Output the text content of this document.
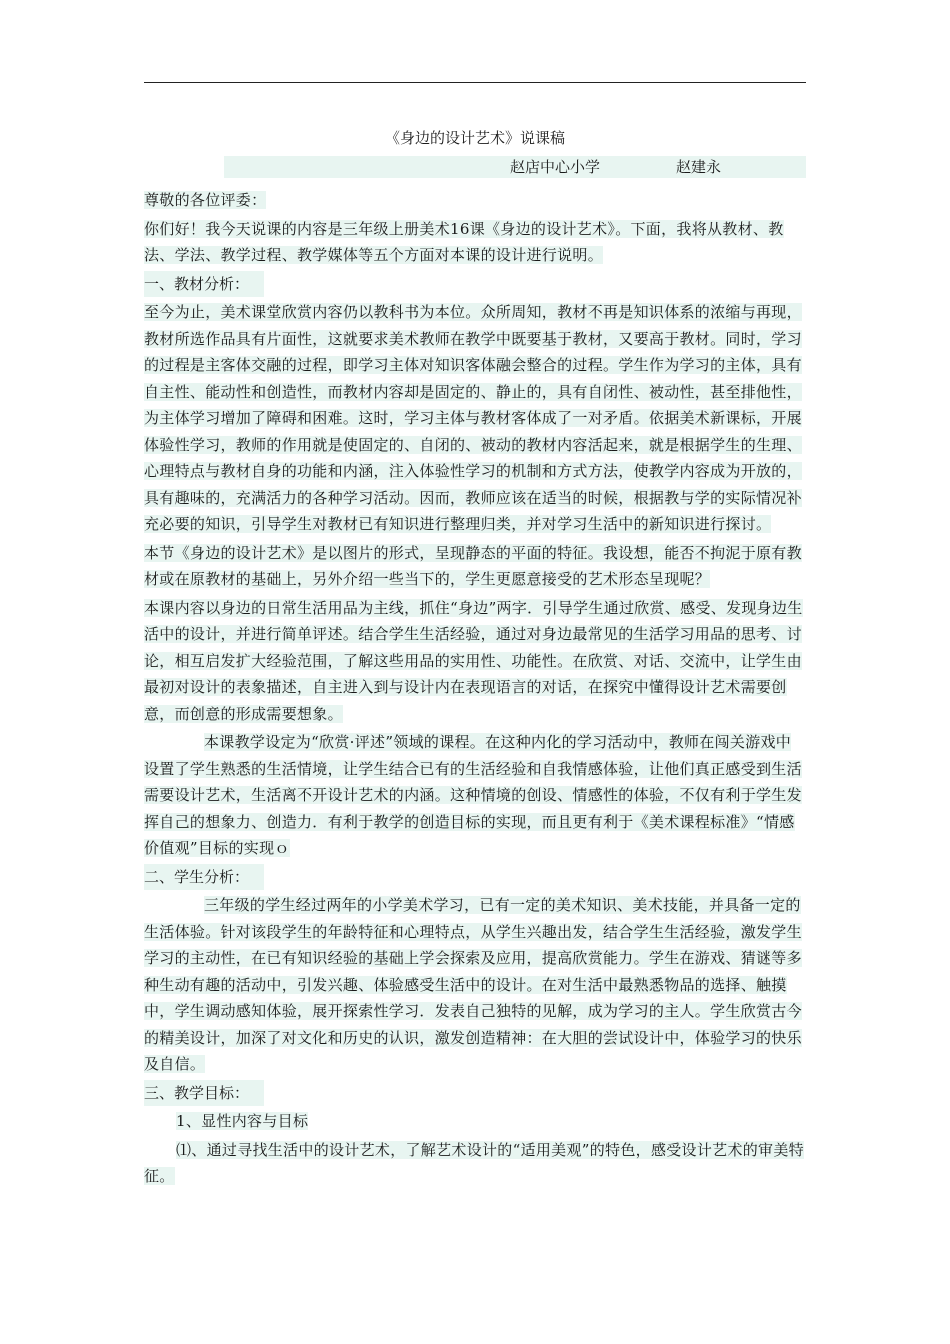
《身边的设计艺术》说课稿
赵店中心小学	赵建永

尊敬的各位评委：

你们好！我今天说课的内容是三年级上册美术16课《身边的设计艺术》。下面，我将从教材、教法、学法、教学过程、教学媒体等五个方面对本课的设计进行说明。

一、教材分析：

至今为止，美术课堂欣赏内容仍以教科书为本位。众所周知，教材不再是知识体系的浓缩与再现，教材所选作品具有片面性，这就要求美术教师在教学中既要基于教材，又要高于教材。同时，学习的过程是主客体交融的过程，即学习主体对知识客体融会整合的过程。学生作为学习的主体，具有自主性、能动性和创造性，而教材内容却是固定的、静止的，具有自闭性、被动性，甚至排他性，为主体学习增加了障碍和困难。这时，学习主体与教材客体成了一对矛盾。依据美术新课标，开展体验性学习，教师的作用就是使固定的、自闭的、被动的教材内容活起来，就是根据学生的生理、心理特点与教材自身的功能和内涵，注入体验性学习的机制和方式方法，使教学内容成为开放的，具有趣味的，充满活力的各种学习活动。因而，教师应该在适当的时候，根据教与学的实际情况补充必要的知识，引导学生对教材已有知识进行整理归类，并对学习生活中的新知识进行探讨。

本节《身边的设计艺术》是以图片的形式，呈现静态的平面的特征。我设想，能否不拘泥于原有教材或在原教材的基础上，另外介绍一些当下的，学生更愿意接受的艺术形态呈现呢？

本课内容以身边的日常生活用品为主线，抓住“身边”两字．引导学生通过欣赏、感受、发现身边生活中的设计，并进行简单评述。结合学生生活经验，通过对身边最常见的生活学习用品的思考、讨论，相互启发扩大经验范围，了解这些用品的实用性、功能性。在欣赏、对话、交流中，让学生由最初对设计的表象描述，自主进入到与设计内在表现语言的对话，在探究中懂得设计艺术需要创意，而创意的形成需要想象。

本课教学设定为“欣赏·评述”领域的课程。在这种内化的学习活动中，教师在闯关游戏中设置了学生熟悉的生活情境，让学生结合已有的生活经验和自我情感体验，让他们真正感受到生活需要设计艺术，生活离不开设计艺术的内涵。这种情境的创设、情感性的体验，不仅有利于学生发挥自己的想象力、创造力．有利于教学的创造目标的实现，而且更有利于《美术课程标准》“情感价值观”目标的实现ｏ

二、学生分析：

三年级的学生经过两年的小学美术学习，已有一定的美术知识、美术技能，并具备一定的生活体验。针对该段学生的年龄特征和心理特点，从学生兴趣出发，结合学生生活经验，激发学生学习的主动性，在已有知识经验的基础上学会探索及应用，提高欣赏能力。学生在游戏、猜谜等多种生动有趣的活动中，引发兴趣、体验感受生活中的设计。在对生活中最熟悉物品的选择、触摸中，学生调动感知体验，展开探索性学习．发表自己独特的见解，成为学习的主人。学生欣赏古今的精美设计，加深了对文化和历史的认识，激发创造精神：在大胆的尝试设计中，体验学习的快乐及自信。

三、教学目标：

1、显性内容与目标

⑴、通过寻找生活中的设计艺术，了解艺术设计的“适用美观”的特色，感受设计艺术的审美特征。
